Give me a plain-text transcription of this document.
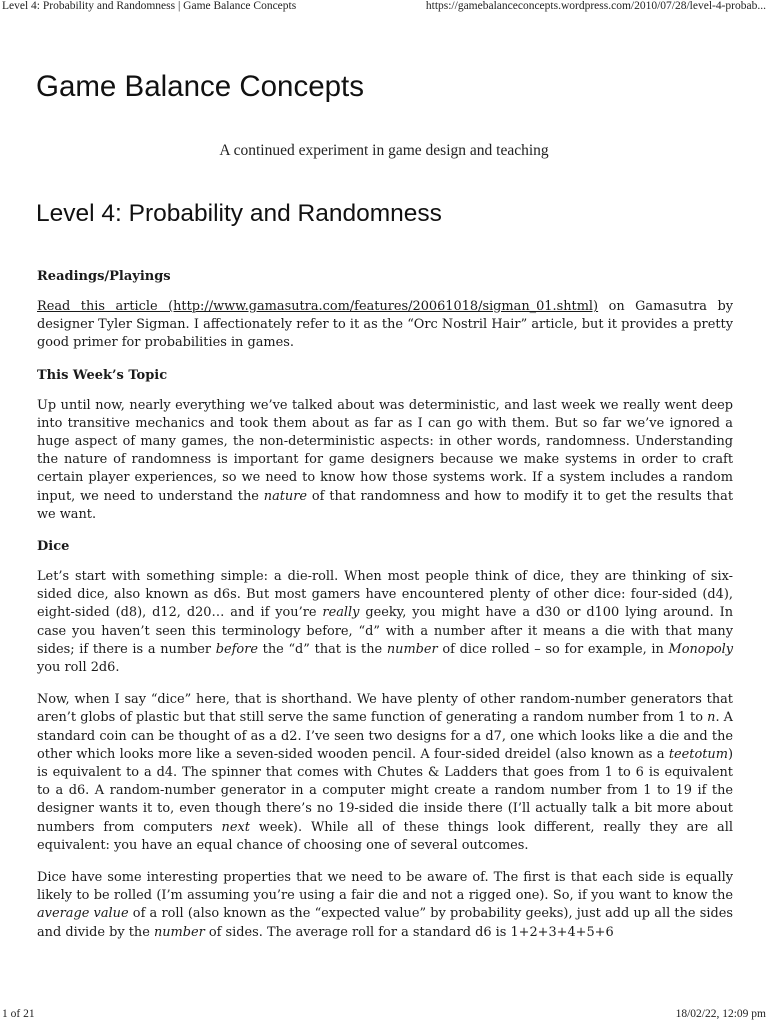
Level 4: Probability and Randomness | Game Balance Concepts	https://gamebalanceconcepts.wordpress.com/2010/07/28/level-4-probab...
Game Balance Concepts
A continued experiment in game design and teaching
Level 4: Probability and Randomness
Readings/Playings

Read this article (http://www.gamasutra.com/features/20061018/sigman_01.shtml) on Gamasutra by designer Tyler Sigman. I affectionately refer to it as the “Orc Nostril Hair” article, but it provides a pretty good primer for probabilities in games.

This Week’s Topic

Up until now, nearly everything we’ve talked about was deterministic, and last week we really went deep into transitive mechanics and took them about as far as I can go with them. But so far we’ve ignored a huge aspect of many games, the non-deterministic aspects: in other words, randomness. Understanding the nature of randomness is important for game designers because we make systems in order to craft certain player experiences, so we need to know how those systems work. If a system includes a random input, we need to understand the nature of that randomness and how to modify it to get the results that we want.

Dice

Let’s start with something simple: a die-roll. When most people think of dice, they are thinking of six-sided dice, also known as d6s. But most gamers have encountered plenty of other dice: four-sided (d4), eight-sided (d8), d12, d20… and if you’re really geeky, you might have a d30 or d100 lying around. In case you haven’t seen this terminology before, “d” with a number after it means a die with that many sides; if there is a number before the “d” that is the number of dice rolled – so for example, in Monopoly you roll 2d6.

Now, when I say “dice” here, that is shorthand. We have plenty of other random-number generators that aren’t globs of plastic but that still serve the same function of generating a random number from 1 to n. A standard coin can be thought of as a d2. I’ve seen two designs for a d7, one which looks like a die and the other which looks more like a seven-sided wooden pencil. A four-sided dreidel (also known as a teetotum) is equivalent to a d4. The spinner that comes with Chutes & Ladders that goes from 1 to 6 is equivalent to a d6. A random-number generator in a computer might create a random number from 1 to 19 if the designer wants it to, even though there’s no 19-sided die inside there (I’ll actually talk a bit more about numbers from computers next week). While all of these things look different, really they are all equivalent: you have an equal chance of choosing one of several outcomes.

Dice have some interesting properties that we need to be aware of. The first is that each side is equally likely to be rolled (I’m assuming you’re using a fair die and not a rigged one). So, if you want to know the average value of a roll (also known as the “expected value” by probability geeks), just add up all the sides and divide by the number of sides. The average roll for a standard d6 is 1+2+3+4+5+6

1 of 21	18/02/22, 12:09 pm
